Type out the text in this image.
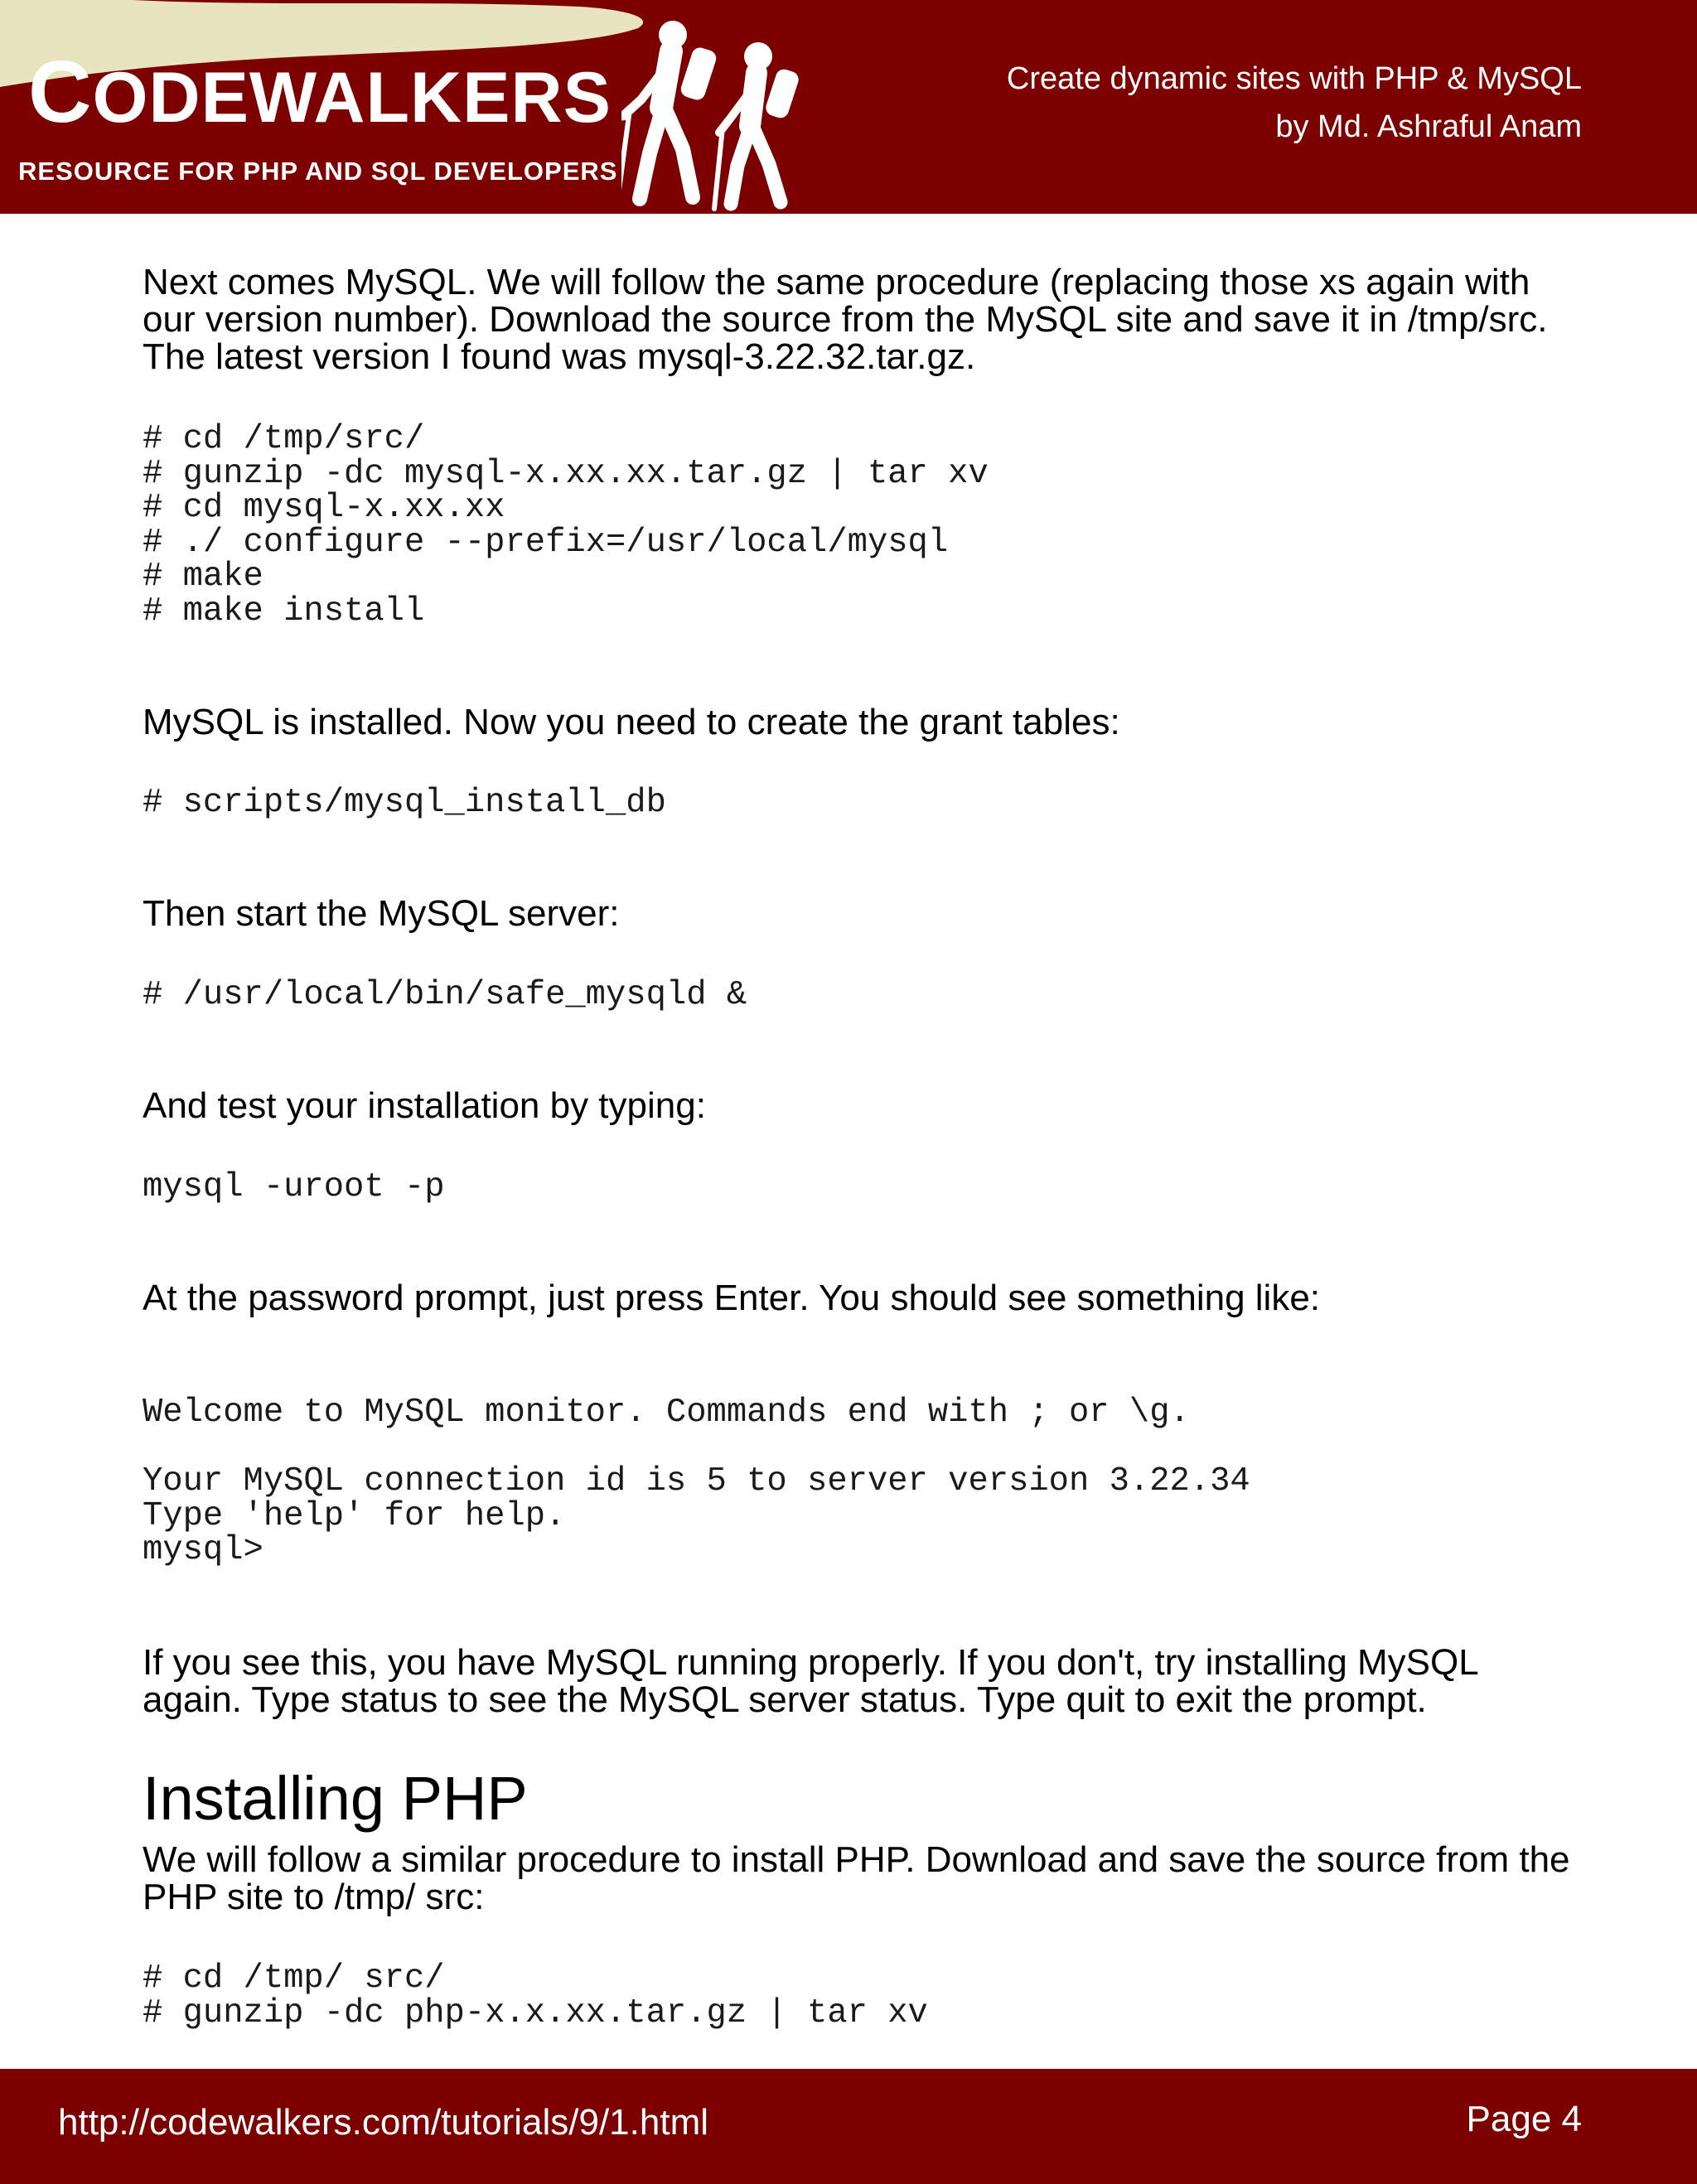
CODEWALKERS
RESOURCE FOR PHP AND SQL DEVELOPERS
Create dynamic sites with PHP & MySQL
by Md. Ashraful Anam

Next comes MySQL. We will follow the same procedure (replacing those xs again with our version number). Download the source from the MySQL site and save it in /tmp/src. The latest version I found was mysql-3.22.32.tar.gz.

# cd /tmp/src/
# gunzip -dc mysql-x.xx.xx.tar.gz | tar xv
# cd mysql-x.xx.xx
# ./ configure --prefix=/usr/local/mysql
# make
# make install

MySQL is installed. Now you need to create the grant tables:

# scripts/mysql_install_db

Then start the MySQL server:

# /usr/local/bin/safe_mysqld &

And test your installation by typing:

mysql -uroot -p

At the password prompt, just press Enter. You should see something like:

Welcome to MySQL monitor. Commands end with ; or \g.
Your MySQL connection id is 5 to server version 3.22.34
Type 'help' for help.
mysql>

If you see this, you have MySQL running properly. If you don't, try installing MySQL again. Type status to see the MySQL server status. Type quit to exit the prompt.

Installing PHP

We will follow a similar procedure to install PHP. Download and save the source from the PHP site to /tmp/ src:

# cd /tmp/ src/
# gunzip -dc php-x.x.xx.tar.gz | tar xv
http://codewalkers.com/tutorials/9/1.html	Page 4
